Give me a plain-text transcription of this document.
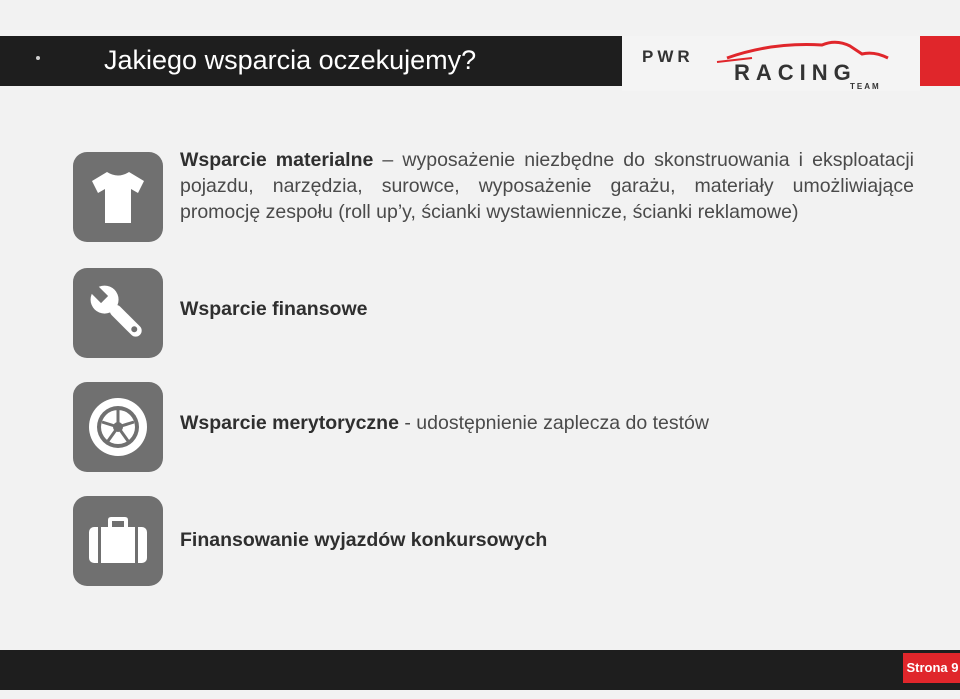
Jakiego wsparcia oczekujemy?	PWR
RACING
TEAM
Wsparcie materialne – wyposażenie niezbędne do skonstruowania i eksploatacji pojazdu, narzędzia, surowce, wyposażenie garażu, materiały umożliwiające promocję zespołu (roll up’y, ścianki wystawiennicze, ścianki reklamowe)
Wsparcie finansowe
Wsparcie merytoryczne - udostępnienie zaplecza do testów
Finansowanie wyjazdów konkursowych
Strona 9
